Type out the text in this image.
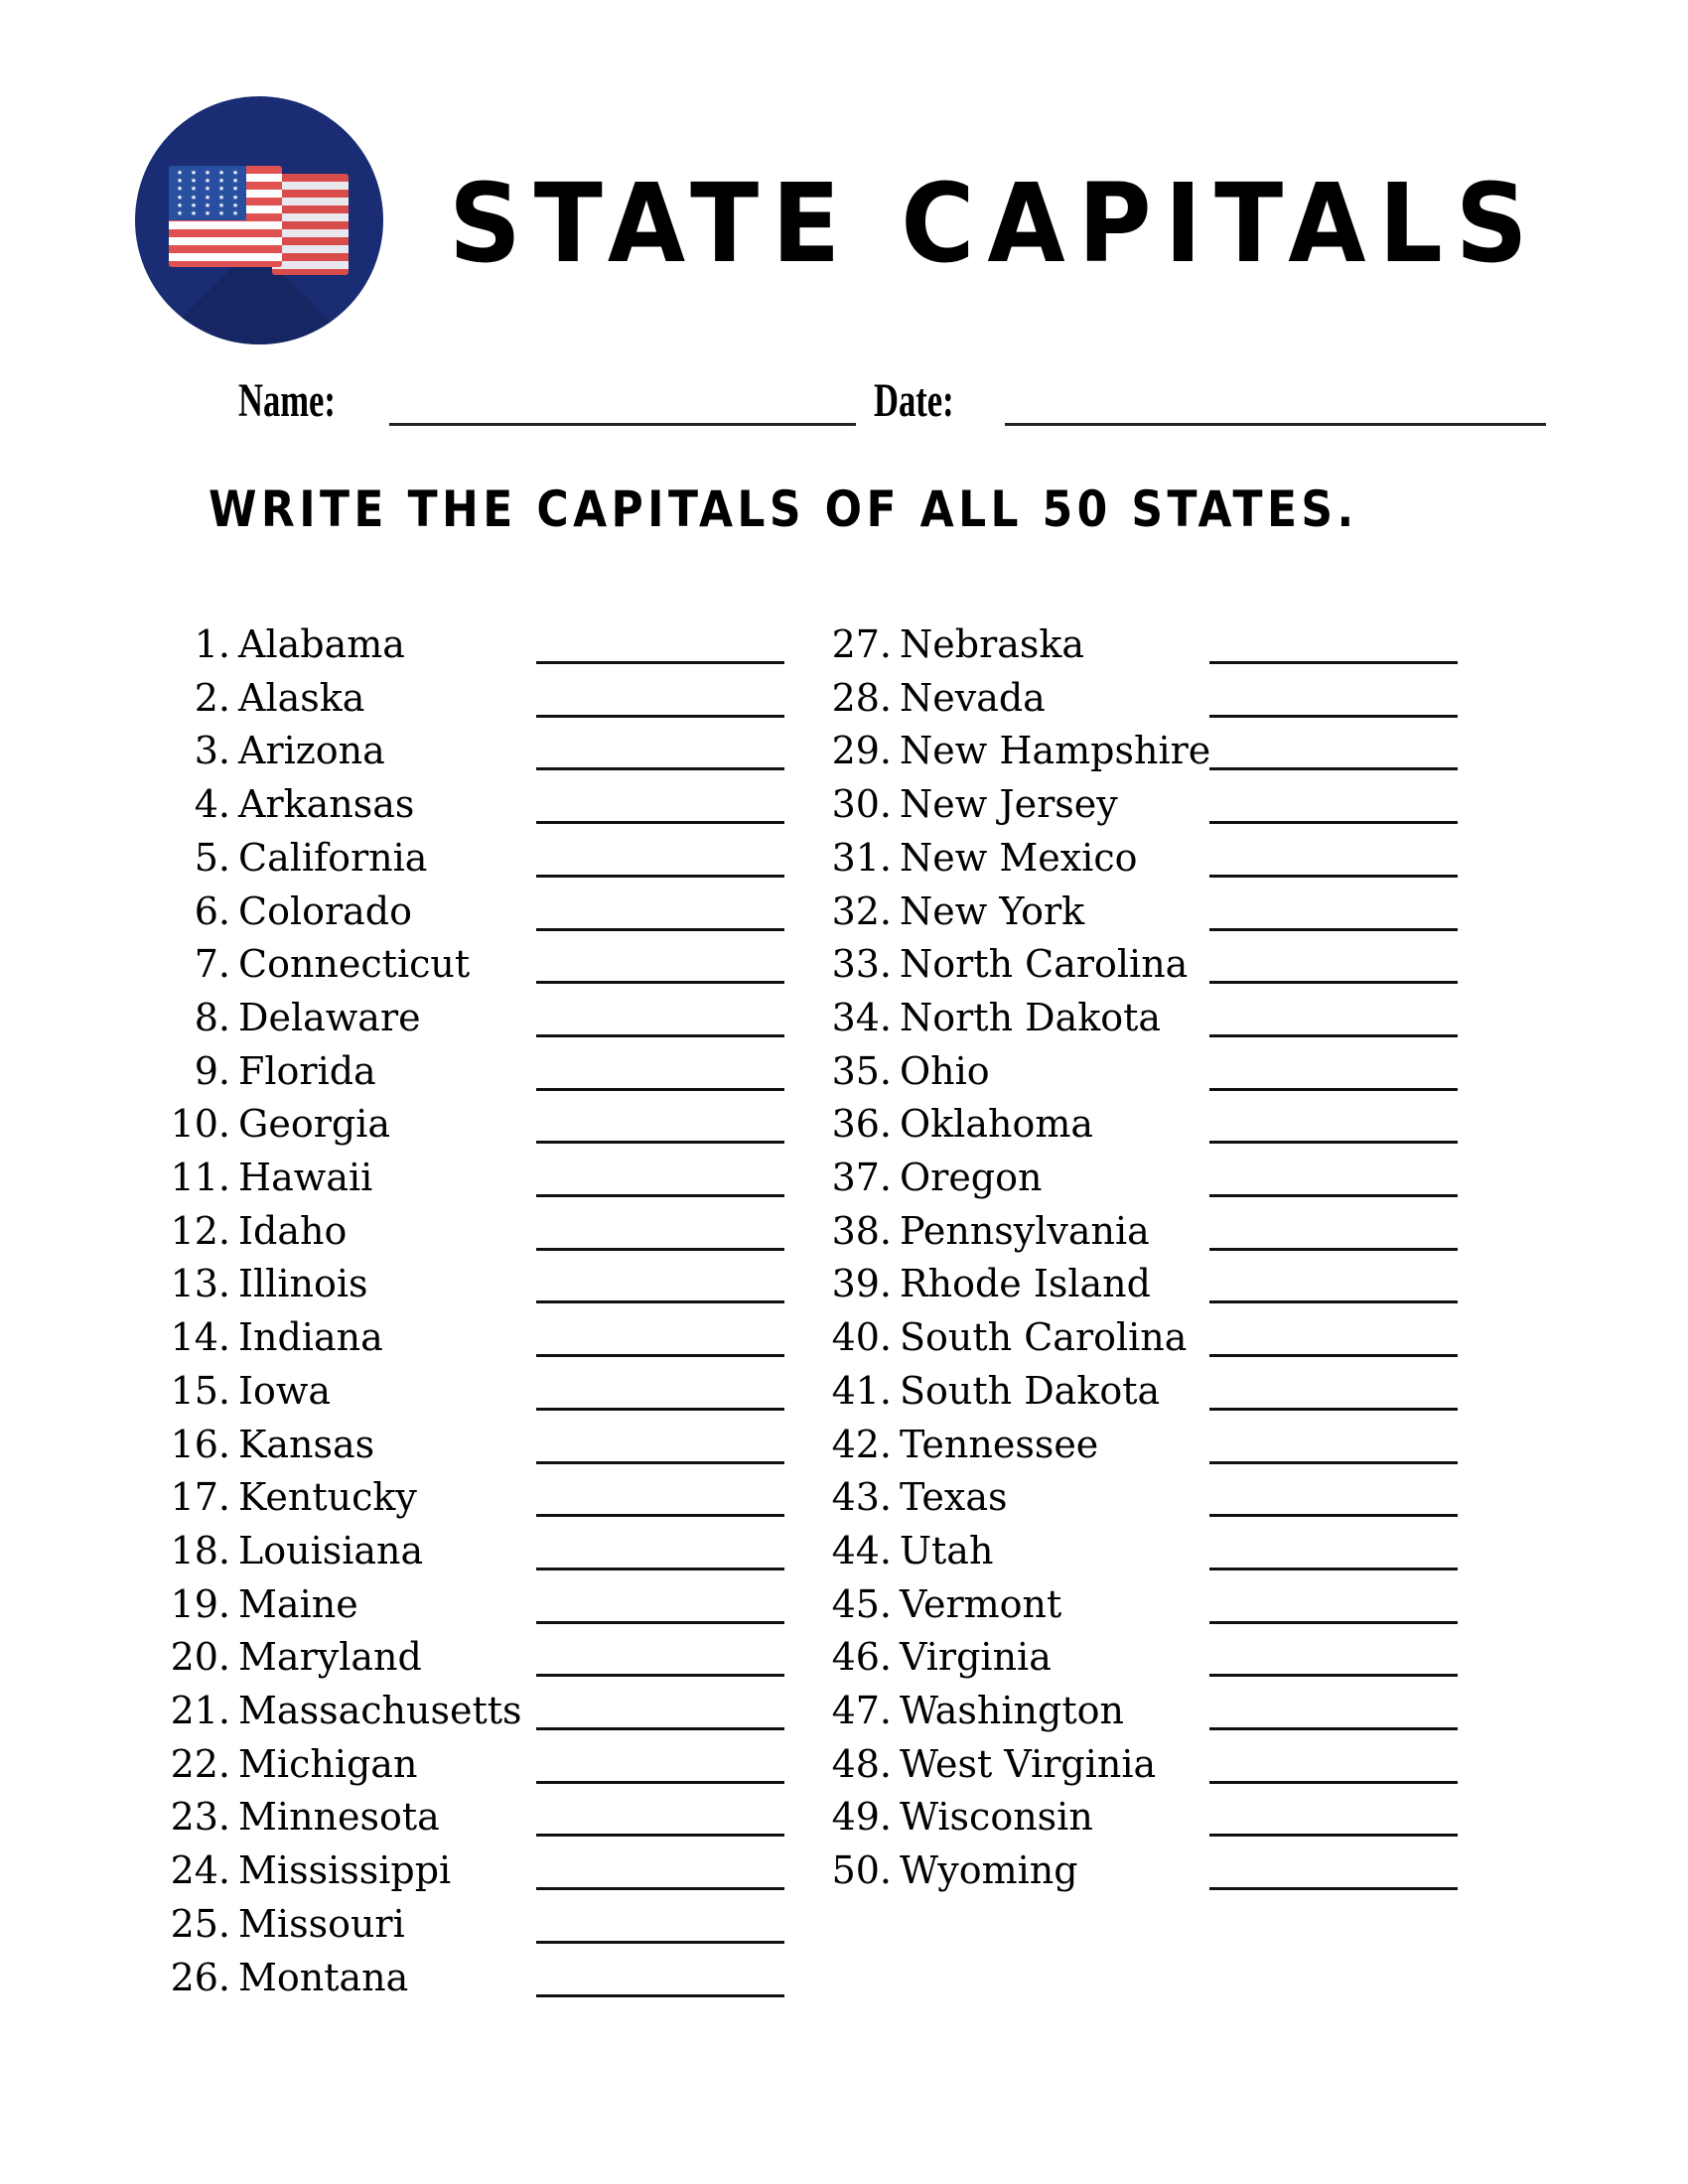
★	★	★	★	★
★	★	★	★	★
★	★	★	★	★
★	★	★	★	★
★	★	★	★	★
★	★	★	★	★ STATE CAPITALS
Name:	Date:
WRITE THE CAPITALS OF ALL 50 STATES.
1. Alabama
2. Alaska
3. Arizona
4. Arkansas
5. California
6. Colorado
7. Connecticut
8. Delaware
9. Florida
10. Georgia
11. Hawaii
12. Idaho
13. Illinois
14. Indiana
15. Iowa
16. Kansas
17. Kentucky
18. Louisiana
19. Maine
20. Maryland
21. Massachusetts
22. Michigan
23. Minnesota
24. Mississippi
25. Missouri
26. Montana
27. Nebraska
28. Nevada
29. New Hampshire
30. New Jersey
31. New Mexico
32. New York
33. North Carolina
34. North Dakota
35. Ohio
36. Oklahoma
37. Oregon
38. Pennsylvania
39. Rhode Island
40. South Carolina
41. South Dakota
42. Tennessee
43. Texas
44. Utah
45. Vermont
46. Virginia
47. Washington
48. West Virginia
49. Wisconsin
50. Wyoming
